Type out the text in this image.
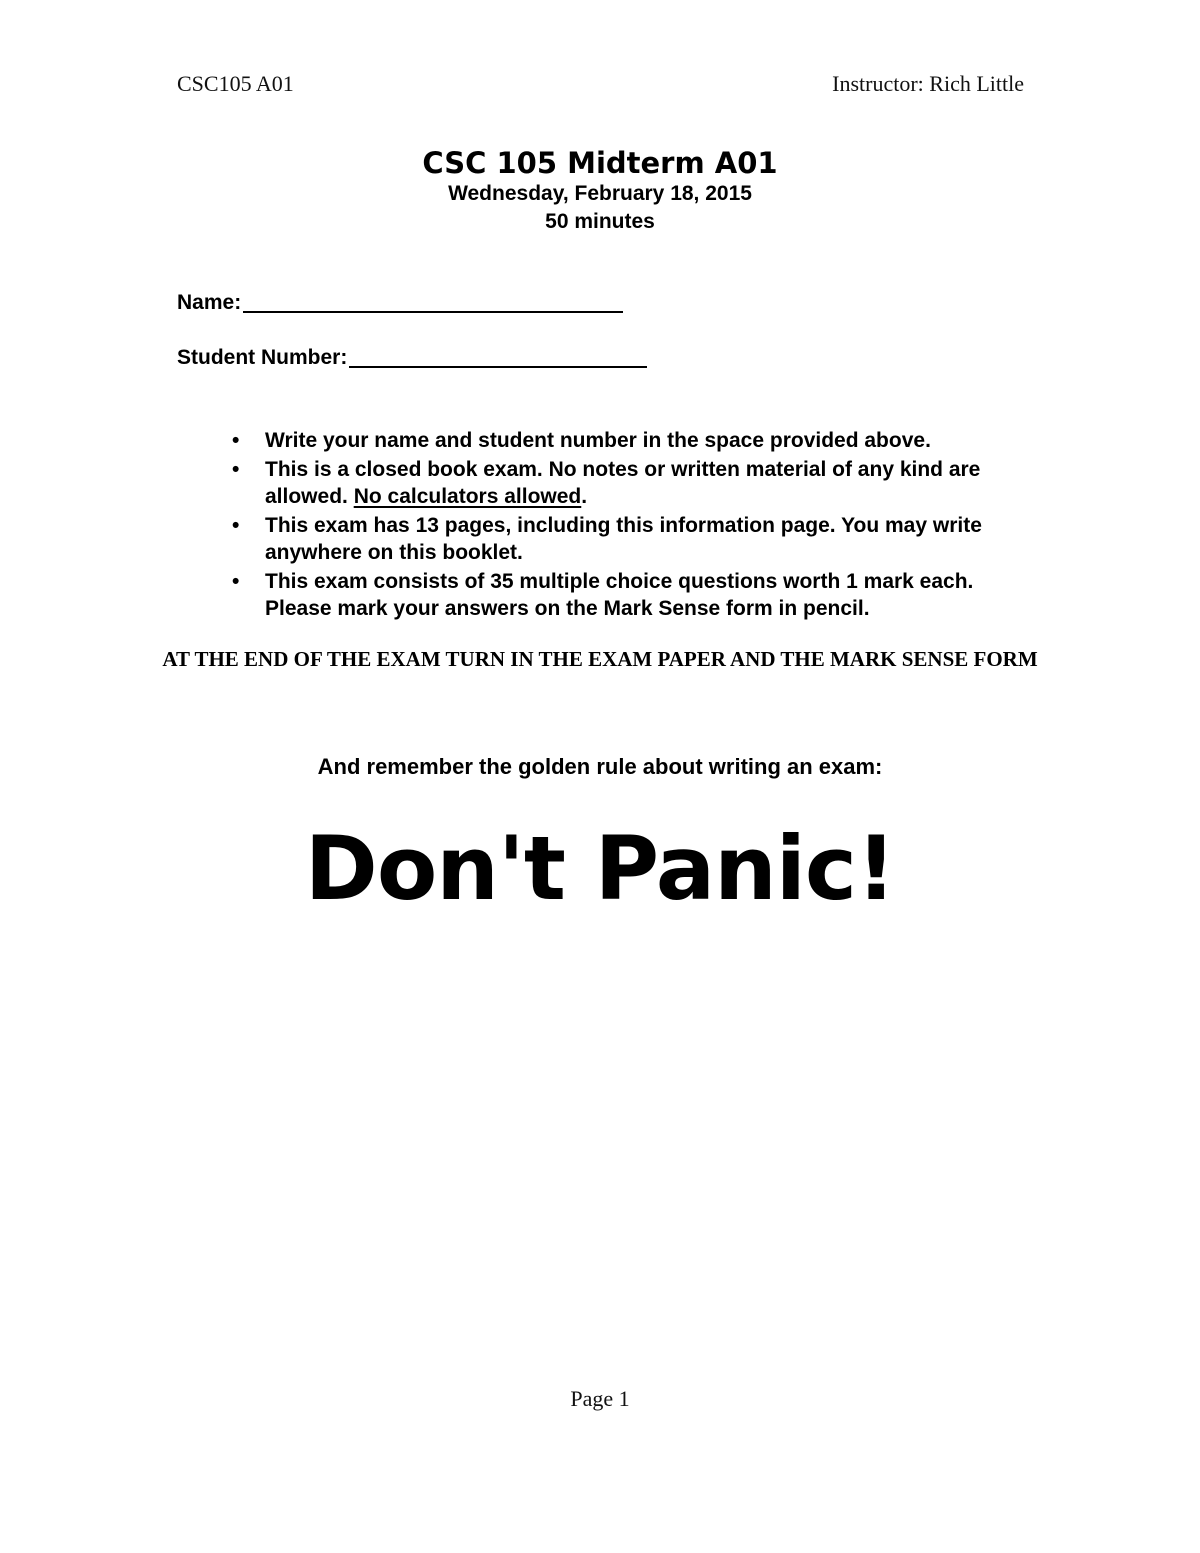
CSC105 A01	Instructor: Rich Little
CSC 105 Midterm A01
Wednesday, February 18, 2015
50 minutes
Name:
Student Number:
• Write your name and student number in the space provided above.
• This is a closed book exam. No notes or written material of any kind are allowed. No calculators allowed.
• This exam has 13 pages, including this information page. You may write anywhere on this booklet.
• This exam consists of 35 multiple choice questions worth 1 mark each. Please mark your answers on the Mark Sense form in pencil.
AT THE END OF THE EXAM TURN IN THE EXAM PAPER AND THE MARK SENSE FORM
And remember the golden rule about writing an exam:
Don't Panic!
Page 1
